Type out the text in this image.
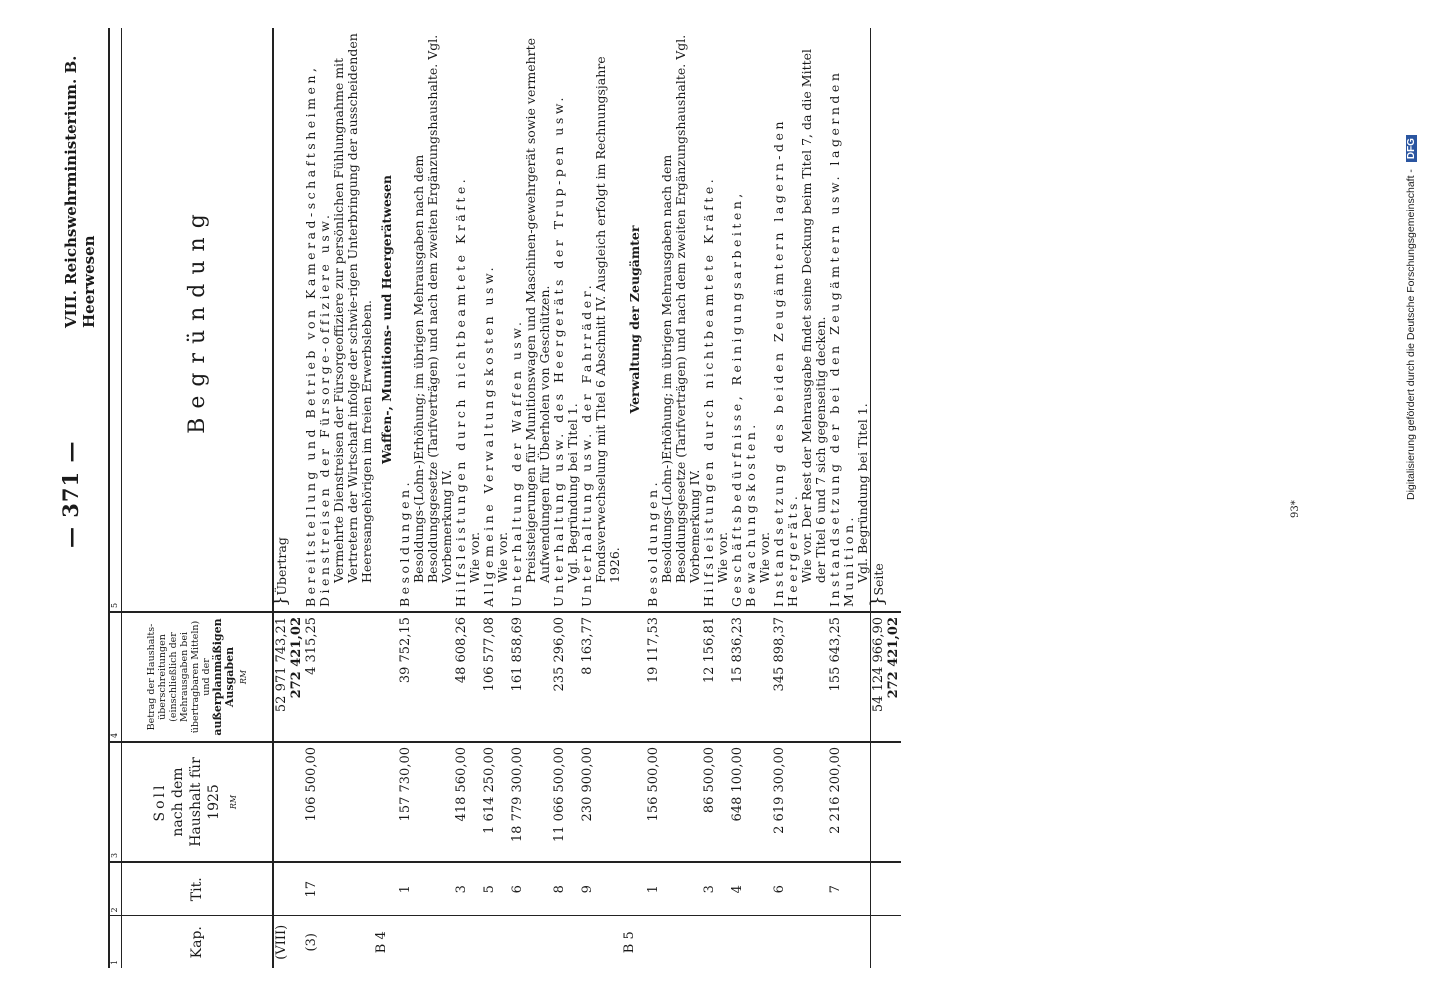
Digitalisierung gefördert durch die Deutsche Forschungsgemeinschaft - DFG
— 371 —
VIII. Reichswehrministerium. B. Heerwesen
1	2	3	4	5
Kap.	Tit.	Soll nach dem Haushalt für 1925 RM	Betrag der Haushalts-überschreitungen (einschließlich der Mehrausgaben bei übertragbaren Mitteln) und der außerplanmäßigen Ausgaben RM	Begründung
(VIII)			52 971 743,21 272 421,02	}Übertrag
(3)	17	106 500,00	4 315,25	Bereitstellung und Betrieb von Kamerad-schaftsheimen, Dienstreisen der Fürsorge-offiziere usw. Vermehrte Dienstreisen der Fürsorgeoffiziere zur persönlichen Fühlungnahme mit Vertretern der Wirtschaft infolge der schwie-rigen Unterbringung der ausscheidenden Heeresangehörigen im freien Erwerbsleben.

B 4				Waffen-, Munitions- und Heergerätwesen

	1	157 730,00	39 752,15	Besoldungen. Besoldungs-(Lohn-)Erhöhung; im übrigen Mehrausgaben nach dem Besoldungsgesetze (Tarifverträgen) und nach dem zweiten Ergänzungshaushalte. Vgl. Vorbemerkung IV.

	3	418 560,00	48 608,26	Hilfsleistungen durch nichtbeamtete Kräfte. Wie vor.

	5	1 614 250,00	106 577,08	Allgemeine Verwaltungskosten usw. Wie vor.

	6	18 779 300,00	161 858,69	Unterhaltung der Waffen usw. Preissteigerungen für Munitionswagen und Maschinen-gewehrgerät sowie vermehrte Aufwendungen für Überholen von Geschützen.

	8	11 066 500,00	235 296,00	Unterhaltung usw. des Heergeräts der Trup-pen usw. Vgl. Begründung bei Titel 1.

	9	230 900,00	8 163,77	Unterhaltung usw. der Fahrräder. Fondsverwechselung mit Titel 6 Abschnitt IV. Ausgleich erfolgt im Rechnungsjahre 1926.

B 5				Verwaltung der Zeugämter

	1	156 500,00	19 117,53	Besoldungen. Besoldungs-(Lohn-)Erhöhung; im übrigen Mehrausgaben nach dem Besoldungsgesetze (Tarifverträgen) und nach dem zweiten Ergänzungshaushalte. Vgl. Vorbemerkung IV.

	3	86 500,00	12 156,81	Hilfsleistungen durch nichtbeamtete Kräfte. Wie vor.

	4	648 100,00	15 836,23	Geschäftsbedürfnisse, Reinigungsarbeiten, Bewachungskosten. Wie vor.

	6	2 619 300,00	345 898,37	Instandsetzung des beiden Zeugämtern lagern-den Heergeräts. Wie vor. Der Rest der Mehrausgabe findet seine Deckung beim Titel 7, da die Mittel der Titel 6 und 7 sich gegenseitig decken.

	7	2 216 200,00	155 643,25	Instandsetzung der bei den Zeugämtern usw. lagernden Munition. Vgl. Begründung bei Titel 1.

			54 124 966,90 272 421,02	}Seite
93*
